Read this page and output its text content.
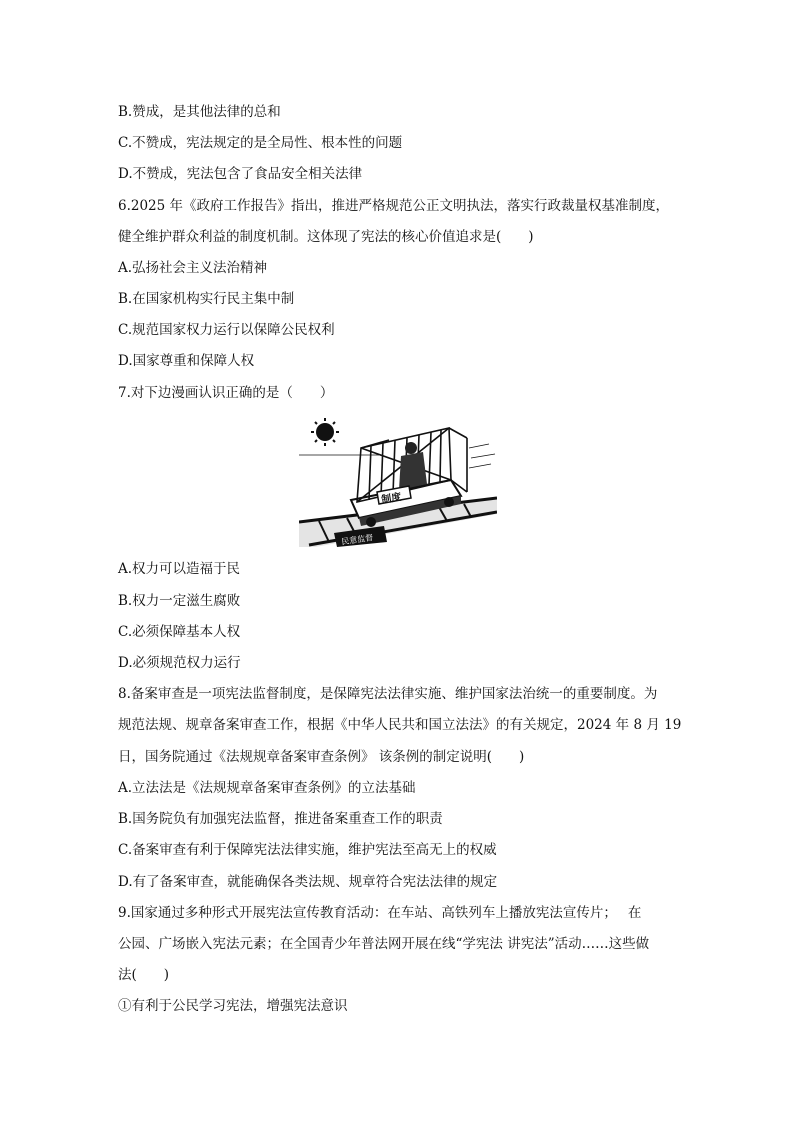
B.赞成，是其他法律的总和
C.不赞成，宪法规定的是全局性、根本性的问题
D.不赞成，宪法包含了食品安全相关法律
6.2025 年《政府工作报告》指出，推进严格规范公正文明执法，落实行政裁量权基准制度，
健全维护群众利益的制度机制。这体现了宪法的核心价值追求是(　　)
A.弘扬社会主义法治精神
B.在国家机构实行民主集中制
C.规范国家权力运行以保障公民权利
D.国家尊重和保障人权
7.对下边漫画认识正确的是（　　）
民意监督
制度
A.权力可以造福于民
B.权力一定滋生腐败
C.必须保障基本人权
D.必须规范权力运行
8.备案审查是一项宪法监督制度，是保障宪法法律实施、维护国家法治统一的重要制度。为
规范法规、规章备案审查工作，根据《中华人民共和国立法法》的有关规定，2024 年 8 月 19
日，国务院通过《法规规章备案审查条例》 该条例的制定说明(　　)
A.立法法是《法规规章备案审查条例》的立法基础
B.国务院负有加强宪法监督，推进备案重查工作的职责
C.备案审查有利于保障宪法法律实施，维护宪法至高无上的权威
D.有了备案审查，就能确保各类法规、规章符合宪法法律的规定
9.国家通过多种形式开展宪法宣传教育活动：在车站、高铁列车上播放宪法宣传片；　 在
公园、广场嵌入宪法元素；在全国青少年普法网开展在线“学宪法 讲宪法”活动……这些做
法(　　)
①有利于公民学习宪法，增强宪法意识
